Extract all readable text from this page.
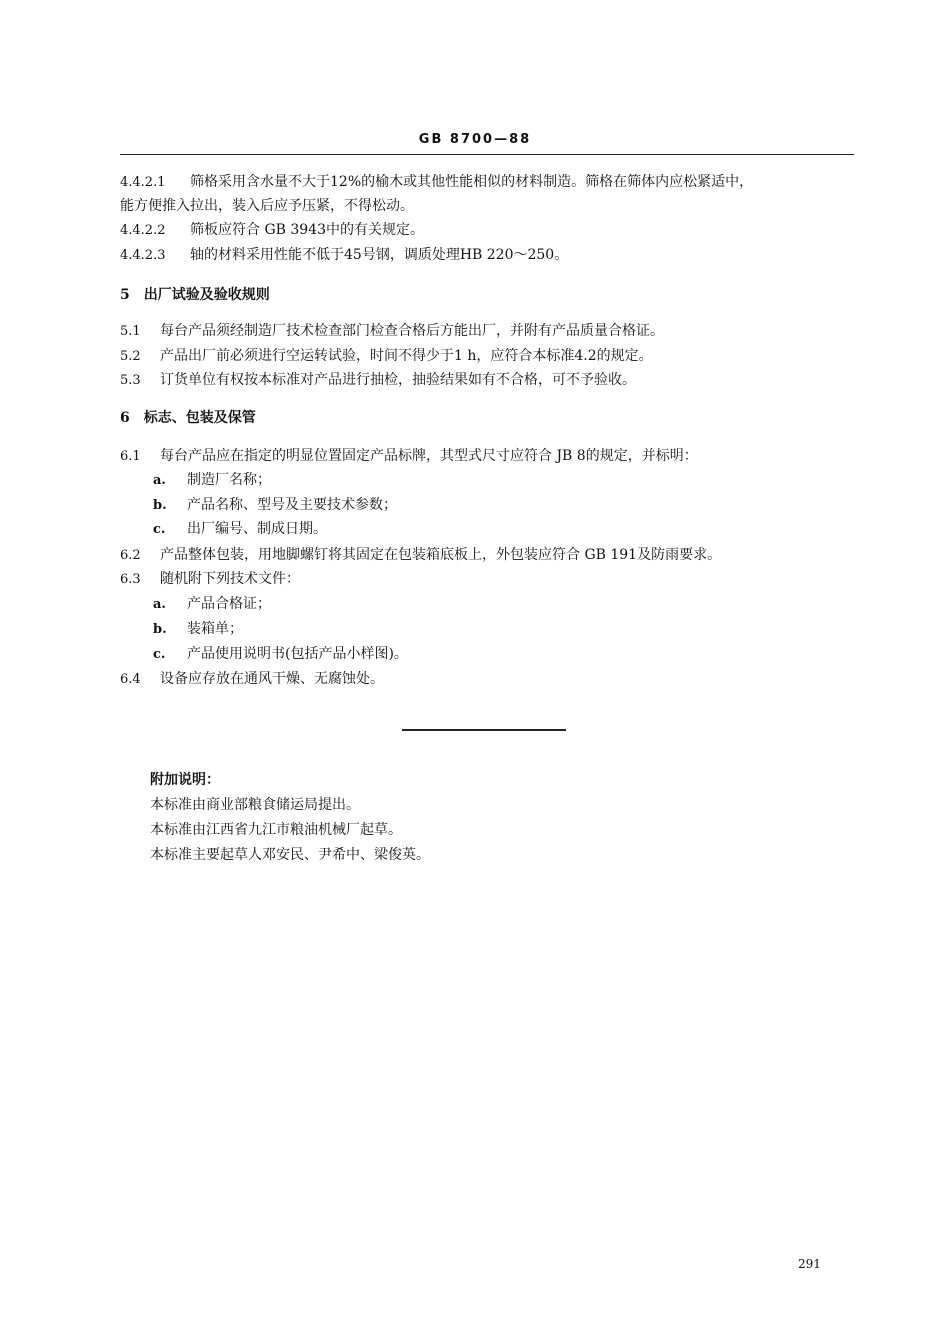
GB 8700—88
4.4.2.1 筛格采用含水量不大于12%的榆木或其他性能相似的材料制造。筛格在筛体内应松紧适中，
能方便推入拉出，装入后应予压紧，不得松动。
4.4.2.2 筛板应符合 GB 3943中的有关规定。
4.4.2.3 轴的材料采用性能不低于45号钢，调质处理HB 220～250。
5　出厂试验及验收规则
5.1 每台产品须经制造厂技术检查部门检查合格后方能出厂，并附有产品质量合格证。
5.2 产品出厂前必须进行空运转试验，时间不得少于1 h，应符合本标准4.2的规定。
5.3 订货单位有权按本标准对产品进行抽检，抽验结果如有不合格，可不予验收。
6　标志、包装及保管
6.1 每台产品应在指定的明显位置固定产品标牌，其型式尺寸应符合 JB 8的规定，并标明：
a. 制造厂名称；
b. 产品名称、型号及主要技术参数；
c. 出厂编号、制成日期。
6.2 产品整体包装，用地脚螺钉将其固定在包装箱底板上，外包装应符合 GB 191及防雨要求。
6.3 随机附下列技术文件：
a. 产品合格证；
b. 装箱单；
c. 产品使用说明书(包括产品小样图)。
6.4 设备应存放在通风干燥、无腐蚀处。
附加说明：
本标准由商业部粮食储运局提出。
本标准由江西省九江市粮油机械厂起草。
本标准主要起草人邓安民、尹希中、梁俊英。
291
